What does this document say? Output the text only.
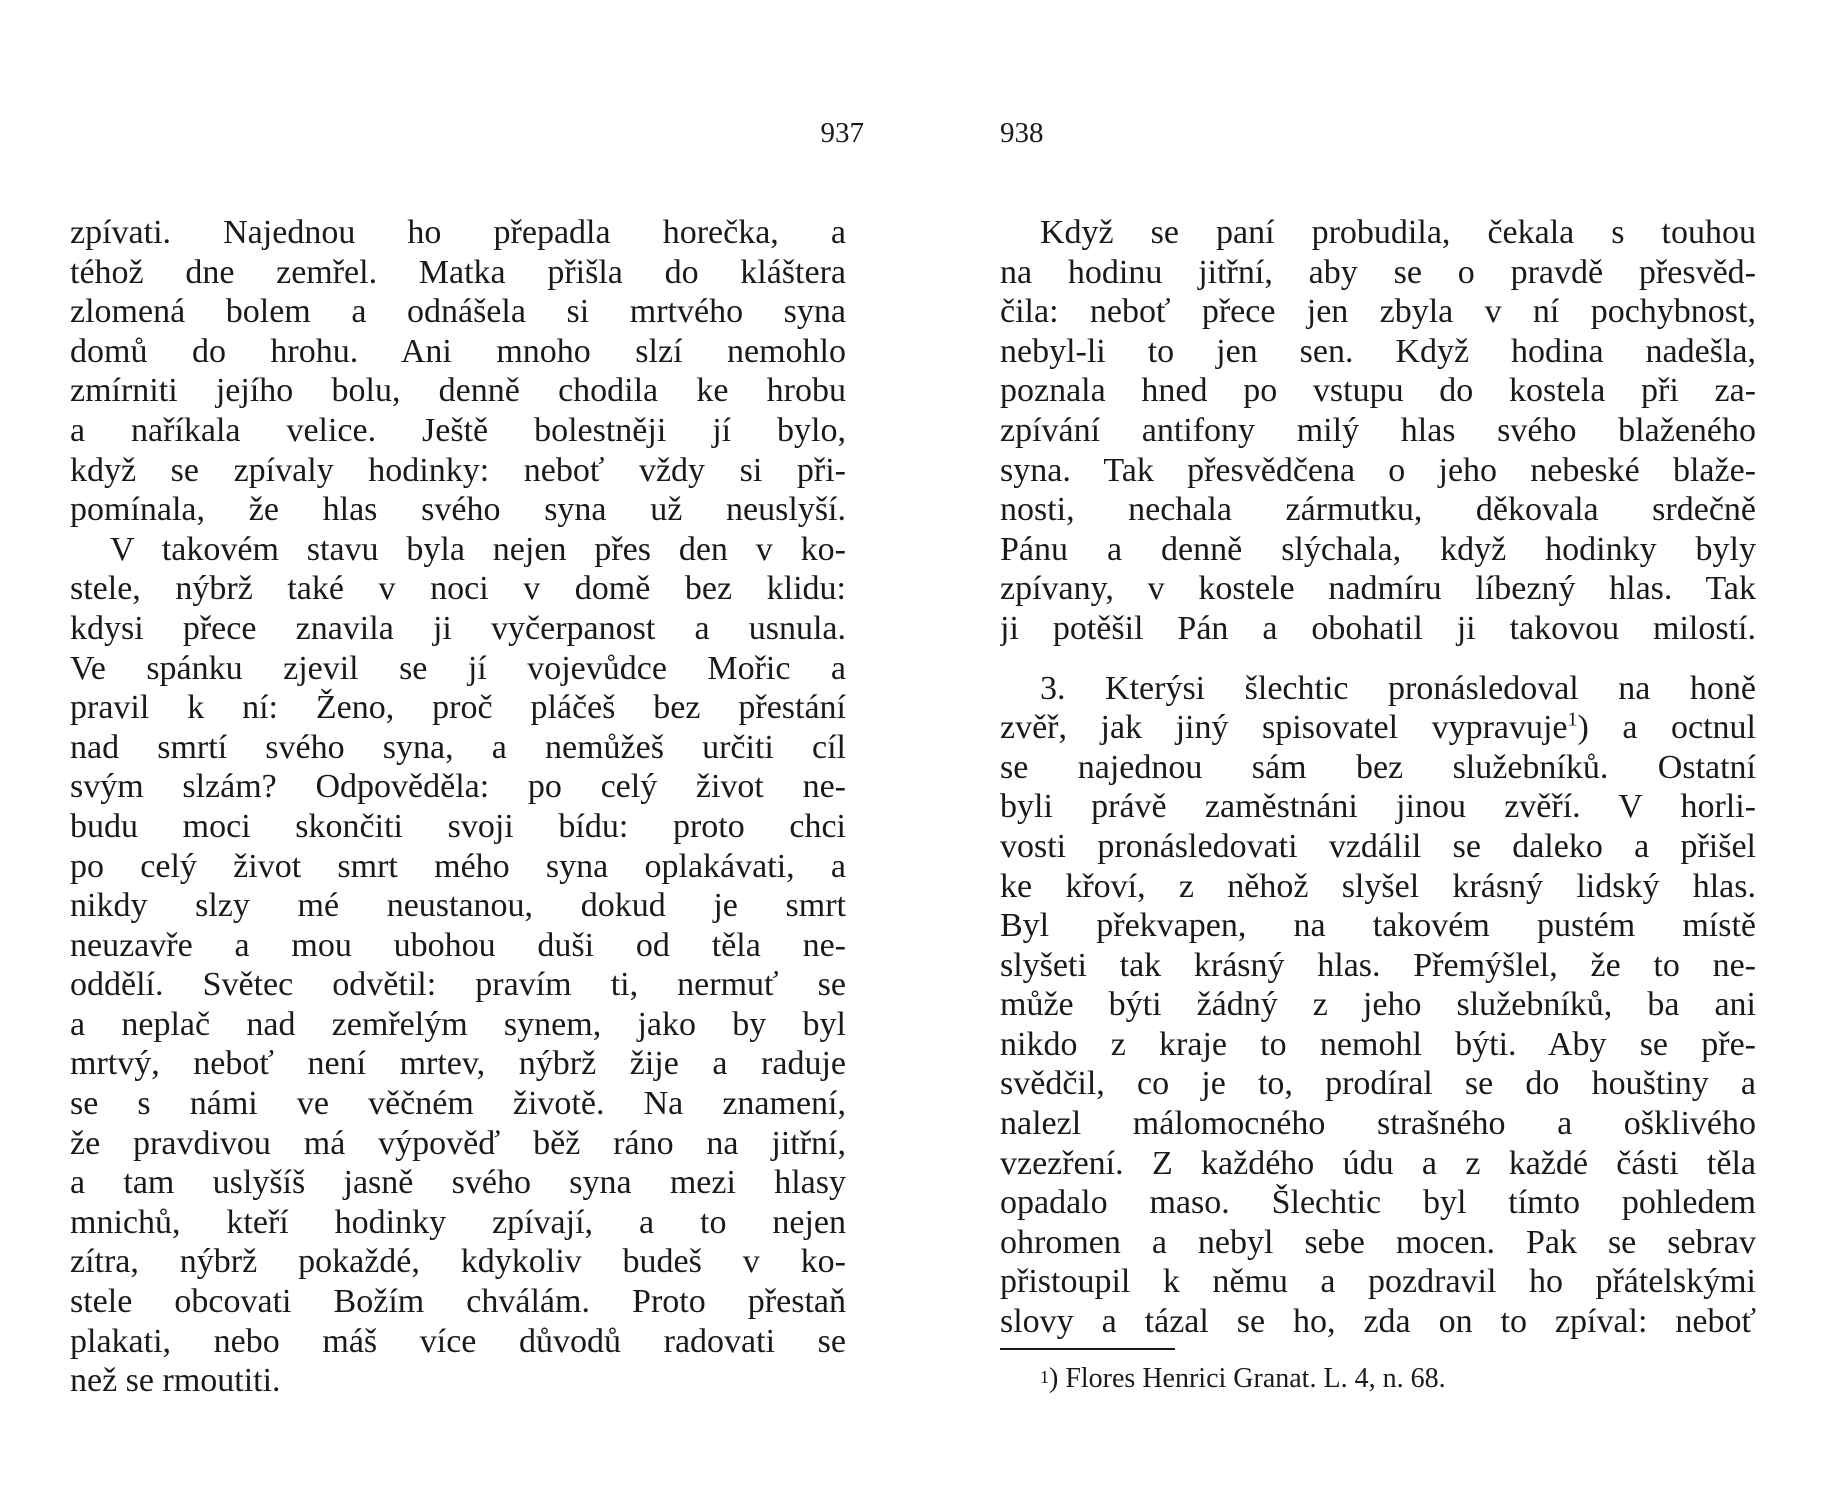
937	938
zpívati. Najednou ho přepadla horečka, a
téhož dne zemřel. Matka přišla do kláštera
zlomená bolem a odnášela si mrtvého syna
domů do hrohu. Ani mnoho slzí nemohlo
zmírniti jejího bolu, denně chodila ke hrobu
a naříkala velice. Ještě bolestněji jí bylo,
když se zpívaly hodinky: neboť vždy si při-
pomínala, že hlas svého syna už neuslyší.
V takovém stavu byla nejen přes den v ko-
stele, nýbrž také v noci v domě bez klidu:
kdysi přece znavila ji vyčerpanost a usnula.
Ve spánku zjevil se jí vojevůdce Mořic a
pravil k ní: Ženo, proč pláčeš bez přestání
nad smrtí svého syna, a nemůžeš určiti cíl
svým slzám? Odpověděla: po celý život ne-
budu moci skončiti svoji bídu: proto chci
po celý život smrt mého syna oplakávati, a
nikdy slzy mé neustanou, dokud je smrt
neuzavře a mou ubohou duši od těla ne-
oddělí. Světec odvětil: pravím ti, nermuť se
a neplač nad zemřelým synem, jako by byl
mrtvý, neboť není mrtev, nýbrž žije a raduje
se s námi ve věčném životě. Na znamení,
že pravdivou má výpověď běž ráno na jitřní,
a tam uslyšíš jasně svého syna mezi hlasy
mnichů, kteří hodinky zpívají, a to nejen
zítra, nýbrž pokaždé, kdykoliv budeš v ko-
stele obcovati Božím chválám. Proto přestaň
plakati, nebo máš více důvodů radovati se
než se rmoutiti.
Když se paní probudila, čekala s touhou
na hodinu jitřní, aby se o pravdě přesvěd-
čila: neboť přece jen zbyla v ní pochybnost,
nebyl-li to jen sen. Když hodina nadešla,
poznala hned po vstupu do kostela při za-
zpívání antifony milý hlas svého blaženého
syna. Tak přesvědčena o jeho nebeské blaže-
nosti, nechala zármutku, děkovala srdečně
Pánu a denně slýchala, když hodinky byly
zpívany, v kostele nadmíru líbezný hlas. Tak
ji potěšil Pán a obohatil ji takovou milostí.
3. Kterýsi šlechtic pronásledoval na honě
zvěř, jak jiný spisovatel vypravuje$^1$) a octnul
se najednou sám bez služebníků. Ostatní
byli právě zaměstnáni jinou zvěří. V horli-
vosti pronásledovati vzdálil se daleko a přišel
ke křoví, z něhož slyšel krásný lidský hlas.
Byl překvapen, na takovém pustém místě
slyšeti tak krásný hlas. Přemýšlel, že to ne-
může býti žádný z jeho služebníků, ba ani
nikdo z kraje to nemohl býti. Aby se pře-
svědčil, co je to, prodíral se do houštiny a
nalezl málomocného strašného a ošklivého
vzezření. Z každého údu a z každé části těla
opadalo maso. Šlechtic byl tímto pohledem
ohromen a nebyl sebe mocen. Pak se sebrav
přistoupil k němu a pozdravil ho přátelskými
slovy a tázal se ho, zda on to zpíval: neboť
$^1$) Flores Henrici Granat. L. 4, n. 68.
